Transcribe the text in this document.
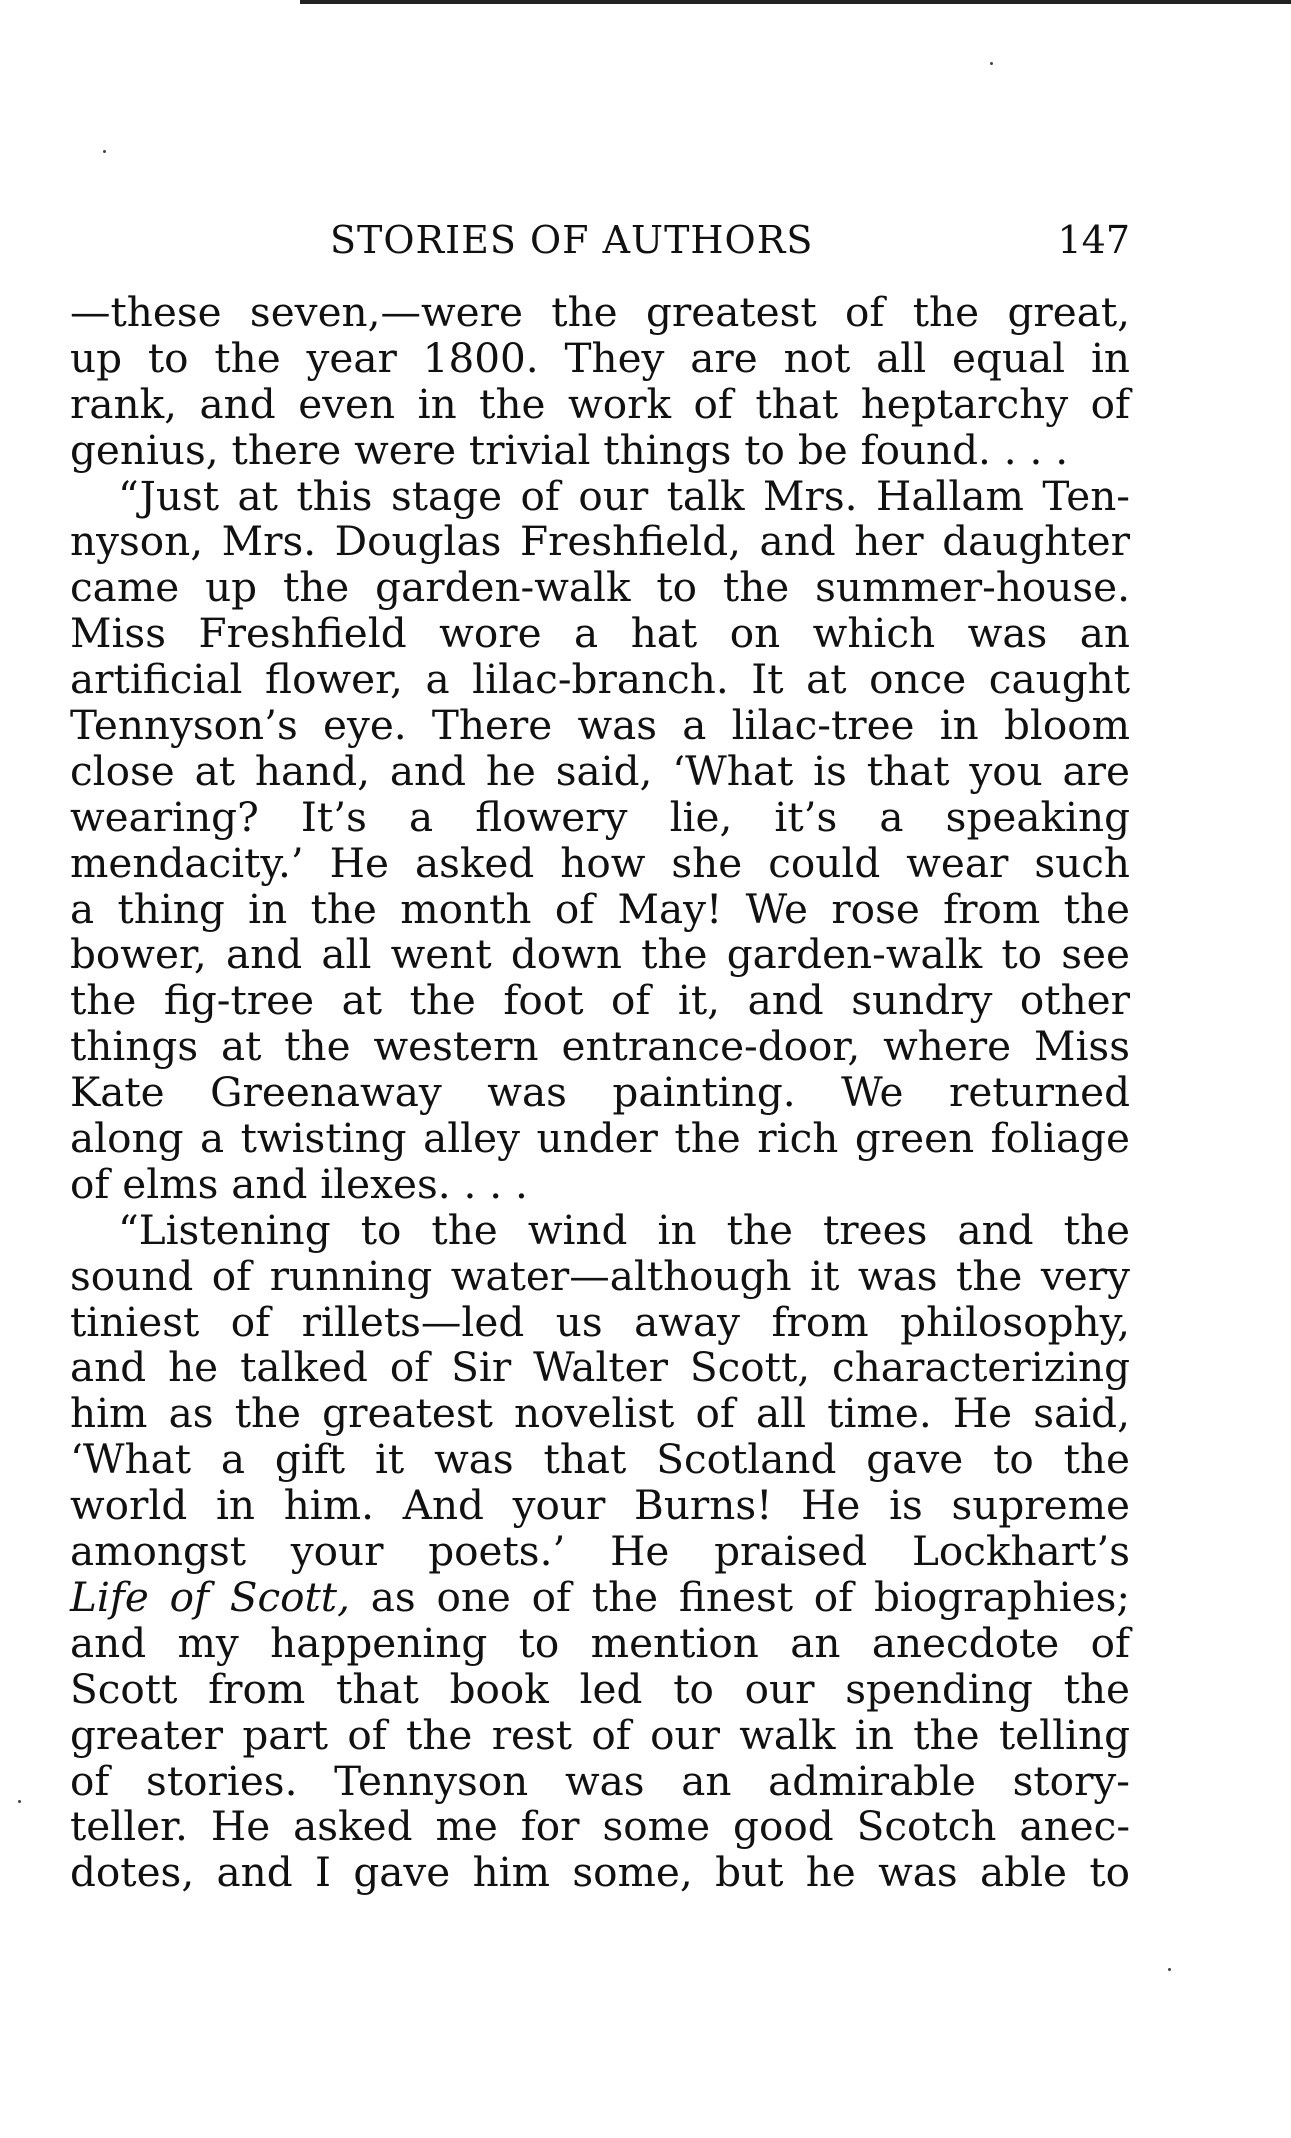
STORIES OF AUTHORS	147
—these seven,—were the greatest of the great,
up to the year 1800. They are not all equal in
rank, and even in the work of that heptarchy of
genius, there were trivial things to be found. . . .
“Just at this stage of our talk Mrs. Hallam Ten-
nyson, Mrs. Douglas Freshfield, and her daughter
came up the garden-walk to the summer-house.
Miss Freshfield wore a hat on which was an
artificial flower, a lilac-branch. It at once caught
Tennyson’s eye. There was a lilac-tree in bloom
close at hand, and he said, ‘What is that you are
wearing? It’s a flowery lie, it’s a speaking
mendacity.’ He asked how she could wear such
a thing in the month of May! We rose from the
bower, and all went down the garden-walk to see
the fig-tree at the foot of it, and sundry other
things at the western entrance-door, where Miss
Kate Greenaway was painting. We returned
along a twisting alley under the rich green foliage
of elms and ilexes. . . .
“Listening to the wind in the trees and the
sound of running water—although it was the very
tiniest of rillets—led us away from philosophy,
and he talked of Sir Walter Scott, characterizing
him as the greatest novelist of all time. He said,
‘What a gift it was that Scotland gave to the
world in him. And your Burns! He is supreme
amongst your poets.’ He praised Lockhart’s
Life of Scott, as one of the finest of biographies;
and my happening to mention an anecdote of
Scott from that book led to our spending the
greater part of the rest of our walk in the telling
of stories. Tennyson was an admirable story-
teller. He asked me for some good Scotch anec-
dotes, and I gave him some, but he was able to
